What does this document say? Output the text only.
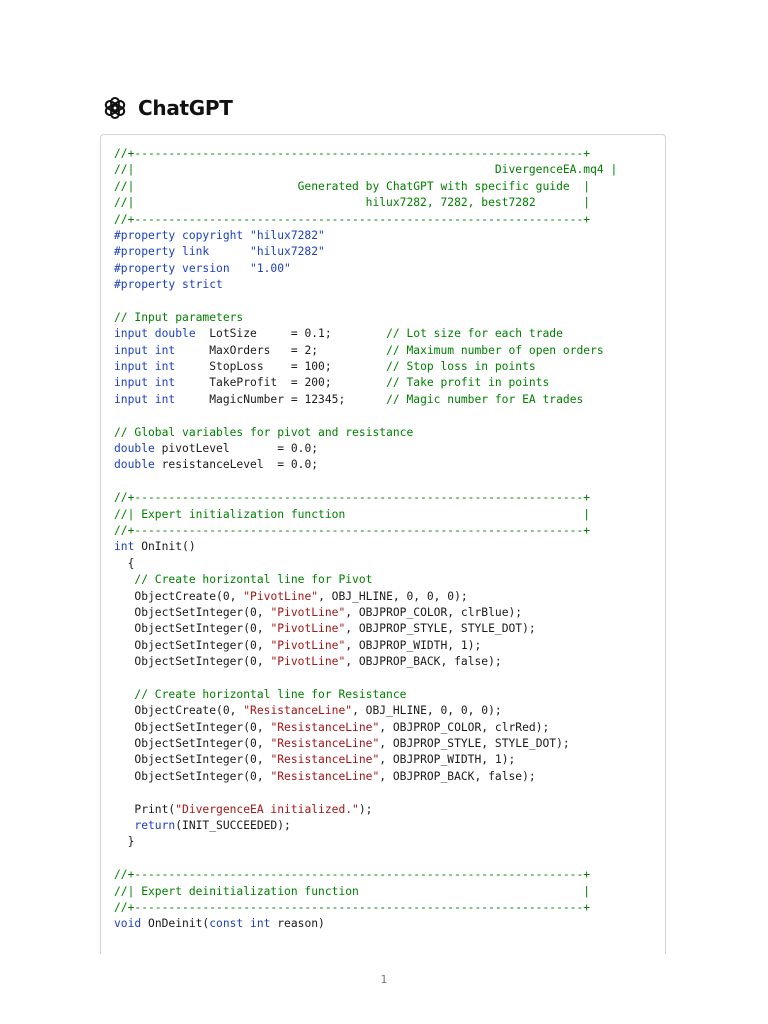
ChatGPT
//+------------------------------------------------------------------+
//|                                                     DivergenceEA.mq4 |
//|                        Generated by ChatGPT with specific guide  |
//|                                  hilux7282, 7282, best7282       |
//+------------------------------------------------------------------+
#property copyright "hilux7282"
#property link      "hilux7282"
#property version   "1.00"
#property strict

// Input parameters
input double  LotSize     = 0.1;        // Lot size for each trade
input int     MaxOrders   = 2;          // Maximum number of open orders
input int     StopLoss    = 100;        // Stop loss in points
input int     TakeProfit  = 200;        // Take profit in points
input int     MagicNumber = 12345;      // Magic number for EA trades

// Global variables for pivot and resistance
double pivotLevel       = 0.0;
double resistanceLevel  = 0.0;

//+------------------------------------------------------------------+
//| Expert initialization function                                   |
//+------------------------------------------------------------------+
int OnInit()
{
// Create horizontal line for Pivot
ObjectCreate(0, "PivotLine", OBJ_HLINE, 0, 0, 0);
ObjectSetInteger(0, "PivotLine", OBJPROP_COLOR, clrBlue);
ObjectSetInteger(0, "PivotLine", OBJPROP_STYLE, STYLE_DOT);
ObjectSetInteger(0, "PivotLine", OBJPROP_WIDTH, 1);
ObjectSetInteger(0, "PivotLine", OBJPROP_BACK, false);

// Create horizontal line for Resistance
ObjectCreate(0, "ResistanceLine", OBJ_HLINE, 0, 0, 0);
ObjectSetInteger(0, "ResistanceLine", OBJPROP_COLOR, clrRed);
ObjectSetInteger(0, "ResistanceLine", OBJPROP_STYLE, STYLE_DOT);
ObjectSetInteger(0, "ResistanceLine", OBJPROP_WIDTH, 1);
ObjectSetInteger(0, "ResistanceLine", OBJPROP_BACK, false);

Print("DivergenceEA initialized.");
return(INIT_SUCCEEDED);
}

//+------------------------------------------------------------------+
//| Expert deinitialization function                                 |
//+------------------------------------------------------------------+
void OnDeinit(const int reason)
1
